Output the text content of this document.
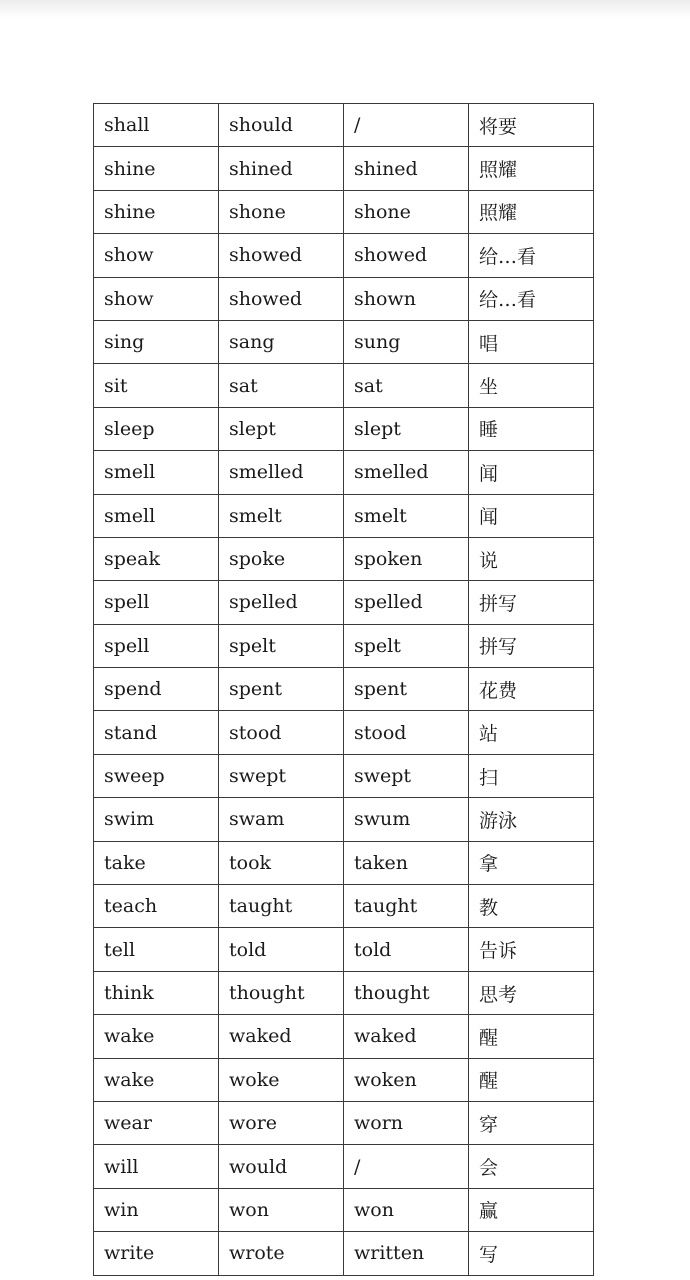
shall	should	/	将要
shine	shined	shined	照耀
shine	shone	shone	照耀
show	showed	showed	给…看
show	showed	shown	给…看
sing	sang	sung	唱
sit	sat	sat	坐
sleep	slept	slept	睡
smell	smelled	smelled	闻
smell	smelt	smelt	闻
speak	spoke	spoken	说
spell	spelled	spelled	拼写
spell	spelt	spelt	拼写
spend	spent	spent	花费
stand	stood	stood	站
sweep	swept	swept	扫
swim	swam	swum	游泳
take	took	taken	拿
teach	taught	taught	教
tell	told	told	告诉
think	thought	thought	思考
wake	waked	waked	醒
wake	woke	woken	醒
wear	wore	worn	穿
will	would	/	会
win	won	won	赢
write	wrote	written	写
